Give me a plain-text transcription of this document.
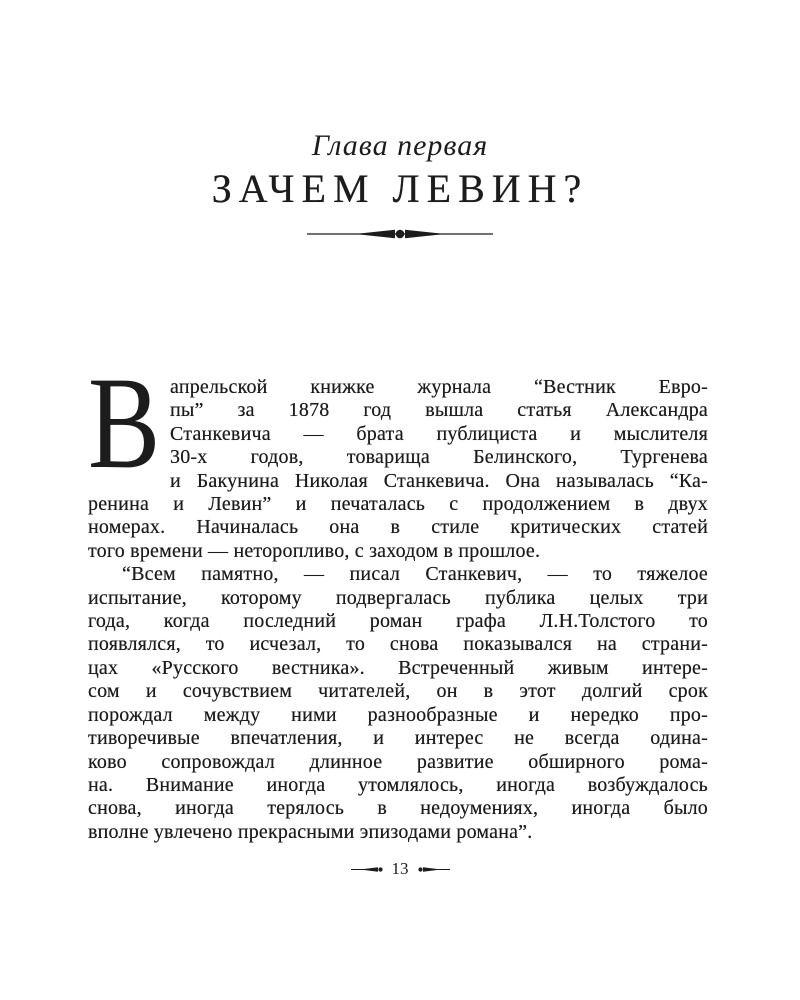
Глава первая
ЗАЧЕМ ЛЕВИН?
В апрельской книжке журнала “Вестник Евро-
пы” за 1878 год вышла статья Александра
Станкевича — брата публициста и мыслителя
30-х годов, товарища Белинского, Тургенева
и Бакунина Николая Станкевича. Она называлась “Ка-
ренина и Левин” и печаталась с продолжением в двух
номерах. Начиналась она в стиле критических статей
того времени — неторопливо, с заходом в прошлое.
“Всем памятно, — писал Станкевич, — то тяжелое
испытание, которому подвергалась публика целых три
года, когда последний роман графа Л.Н.Толстого то
появлялся, то исчезал, то снова показывался на страни-
цах «Русского вестника». Встреченный живым интере-
сом и сочувствием читателей, он в этот долгий срок
порождал между ними разнообразные и нередко про-
тиворечивые впечатления, и интерес не всегда одина-
ково сопровождал длинное развитие обширного рома-
на. Внимание иногда утомлялось, иногда возбуждалось
снова, иногда терялось в недоумениях, иногда было
вполне увлечено прекрасными эпизодами романа”.
13
